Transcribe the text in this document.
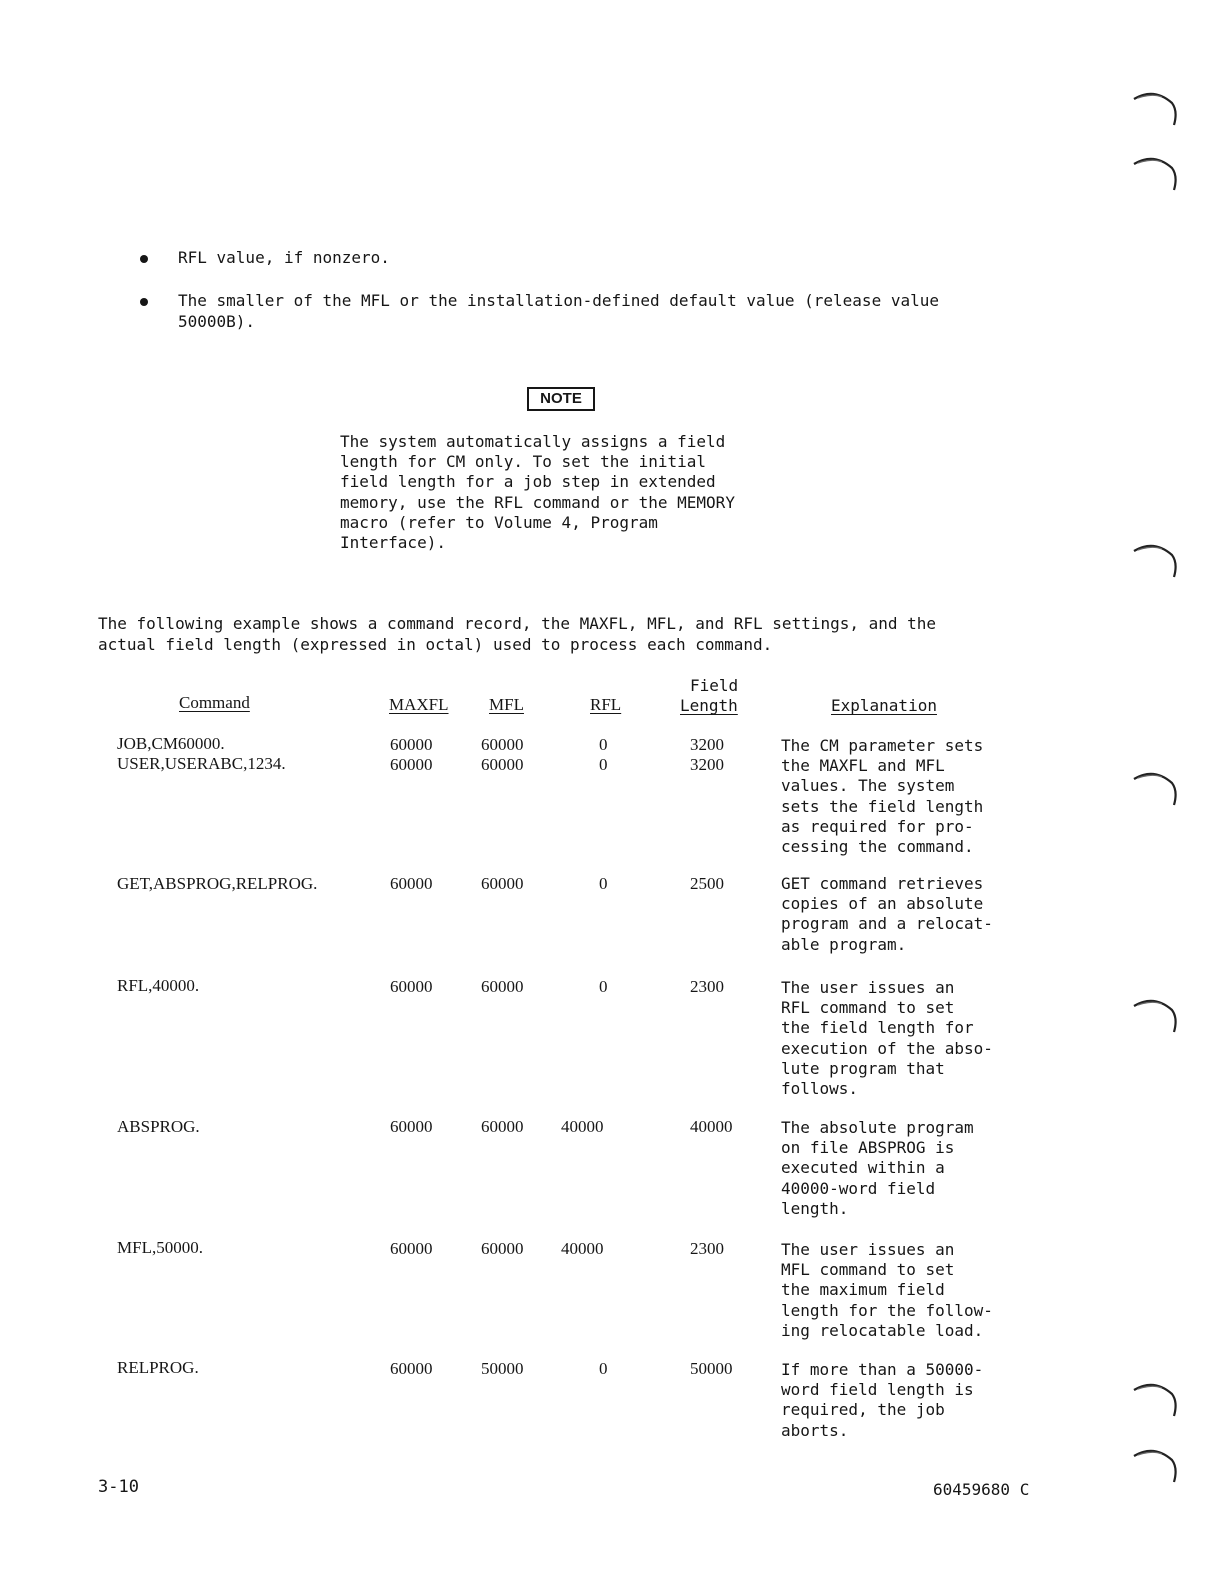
RFL value, if nonzero.
The smaller of the MFL or the installation-defined default value (release value
50000B).
NOTE
The system automatically assigns a field
length for CM only. To set the initial
field length for a job step in extended
memory, use the RFL command or the MEMORY
macro (refer to Volume 4, Program
Interface).
The following example shows a command record, the MAXFL, MFL, and RFL settings, and the
actual field length (expressed in octal) used to process each command.
Command	MAXFL MFL	RFL
Field
Length	Explanation
JOB,CM60000.	60000	60000	0	3200	The CM parameter sets
the MAXFL and MFL
values. The system
sets the field length
as required for pro-
cessing the command.
USER,USERABC,1234.	60000	60000	0	3200
GET,ABSPROG,RELPROG.	60000	60000	0	2500	GET command retrieves
copies of an absolute
program and a relocat-
able program.
RFL,40000.	60000	60000	0	2300	The user issues an
RFL command to set
the field length for
execution of the abso-
lute program that
follows.
ABSPROG.	60000	60000 40000	40000	The absolute program
on file ABSPROG is
executed within a
40000-word field
length.
MFL,50000.	60000	60000 40000	2300	The user issues an
MFL command to set
the maximum field
length for the follow-
ing relocatable load.
RELPROG.	60000	50000	0	50000	If more than a 50000-
word field length is
required, the job
aborts.
3-10	60459680 C
